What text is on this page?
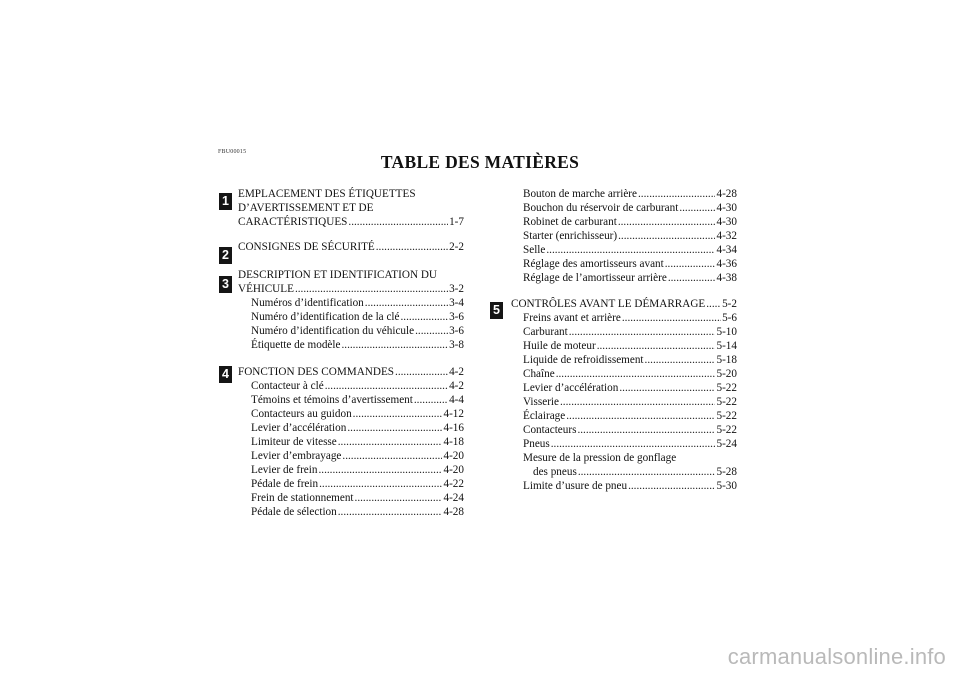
FBU00015	TABLE DES MATIÈRES
1
2
3
4
5
EMPLACEMENT DES ÉTIQUETTES
D’AVERTISSEMENT ET DE
CARACTÉRISTIQUES .....	1-7
CONSIGNES DE SÉCURITÉ .....	2-2
DESCRIPTION ET IDENTIFICATION DU
VÉHICULE .....	3-2
Numéros d’identification .....	3-4
Numéro d’identification de la clé .....	3-6
Numéro d’identification du véhicule .....	3-6
Étiquette de modèle .....	3-8
FONCTION DES COMMANDES .....	4-2
Contacteur à clé .....	4-2
Témoins et témoins d’avertissement .....	4-4
Contacteurs au guidon .....	4-12
Levier d’accélération .....	4-16
Limiteur de vitesse .....	4-18
Levier d’embrayage .....	4-20
Levier de frein .....	4-20
Pédale de frein .....	4-22
Frein de stationnement .....	4-24
Pédale de sélection .....	4-28
Bouton de marche arrière .....	4-28
Bouchon du réservoir de carburant .....	4-30
Robinet de carburant .....	4-30
Starter (enrichisseur) .....	4-32
Selle .....	4-34
Réglage des amortisseurs avant .....	4-36
Réglage de l’amortisseur arrière .....	4-38
CONTRÔLES AVANT LE DÉMARRAGE ..... 5-2
Freins avant et arrière .....	5-6
Carburant .....	5-10
Huile de moteur .....	5-14
Liquide de refroidissement .....	5-18
Chaîne .....	5-20
Levier d’accélération .....	5-22
Visserie .....	5-22
Éclairage .....	5-22
Contacteurs .....	5-22
Pneus .....	5-24
Mesure de la pression de gonflage
des pneus .....	5-28
Limite d’usure de pneu .....	5-30
carmanualsonline.info
